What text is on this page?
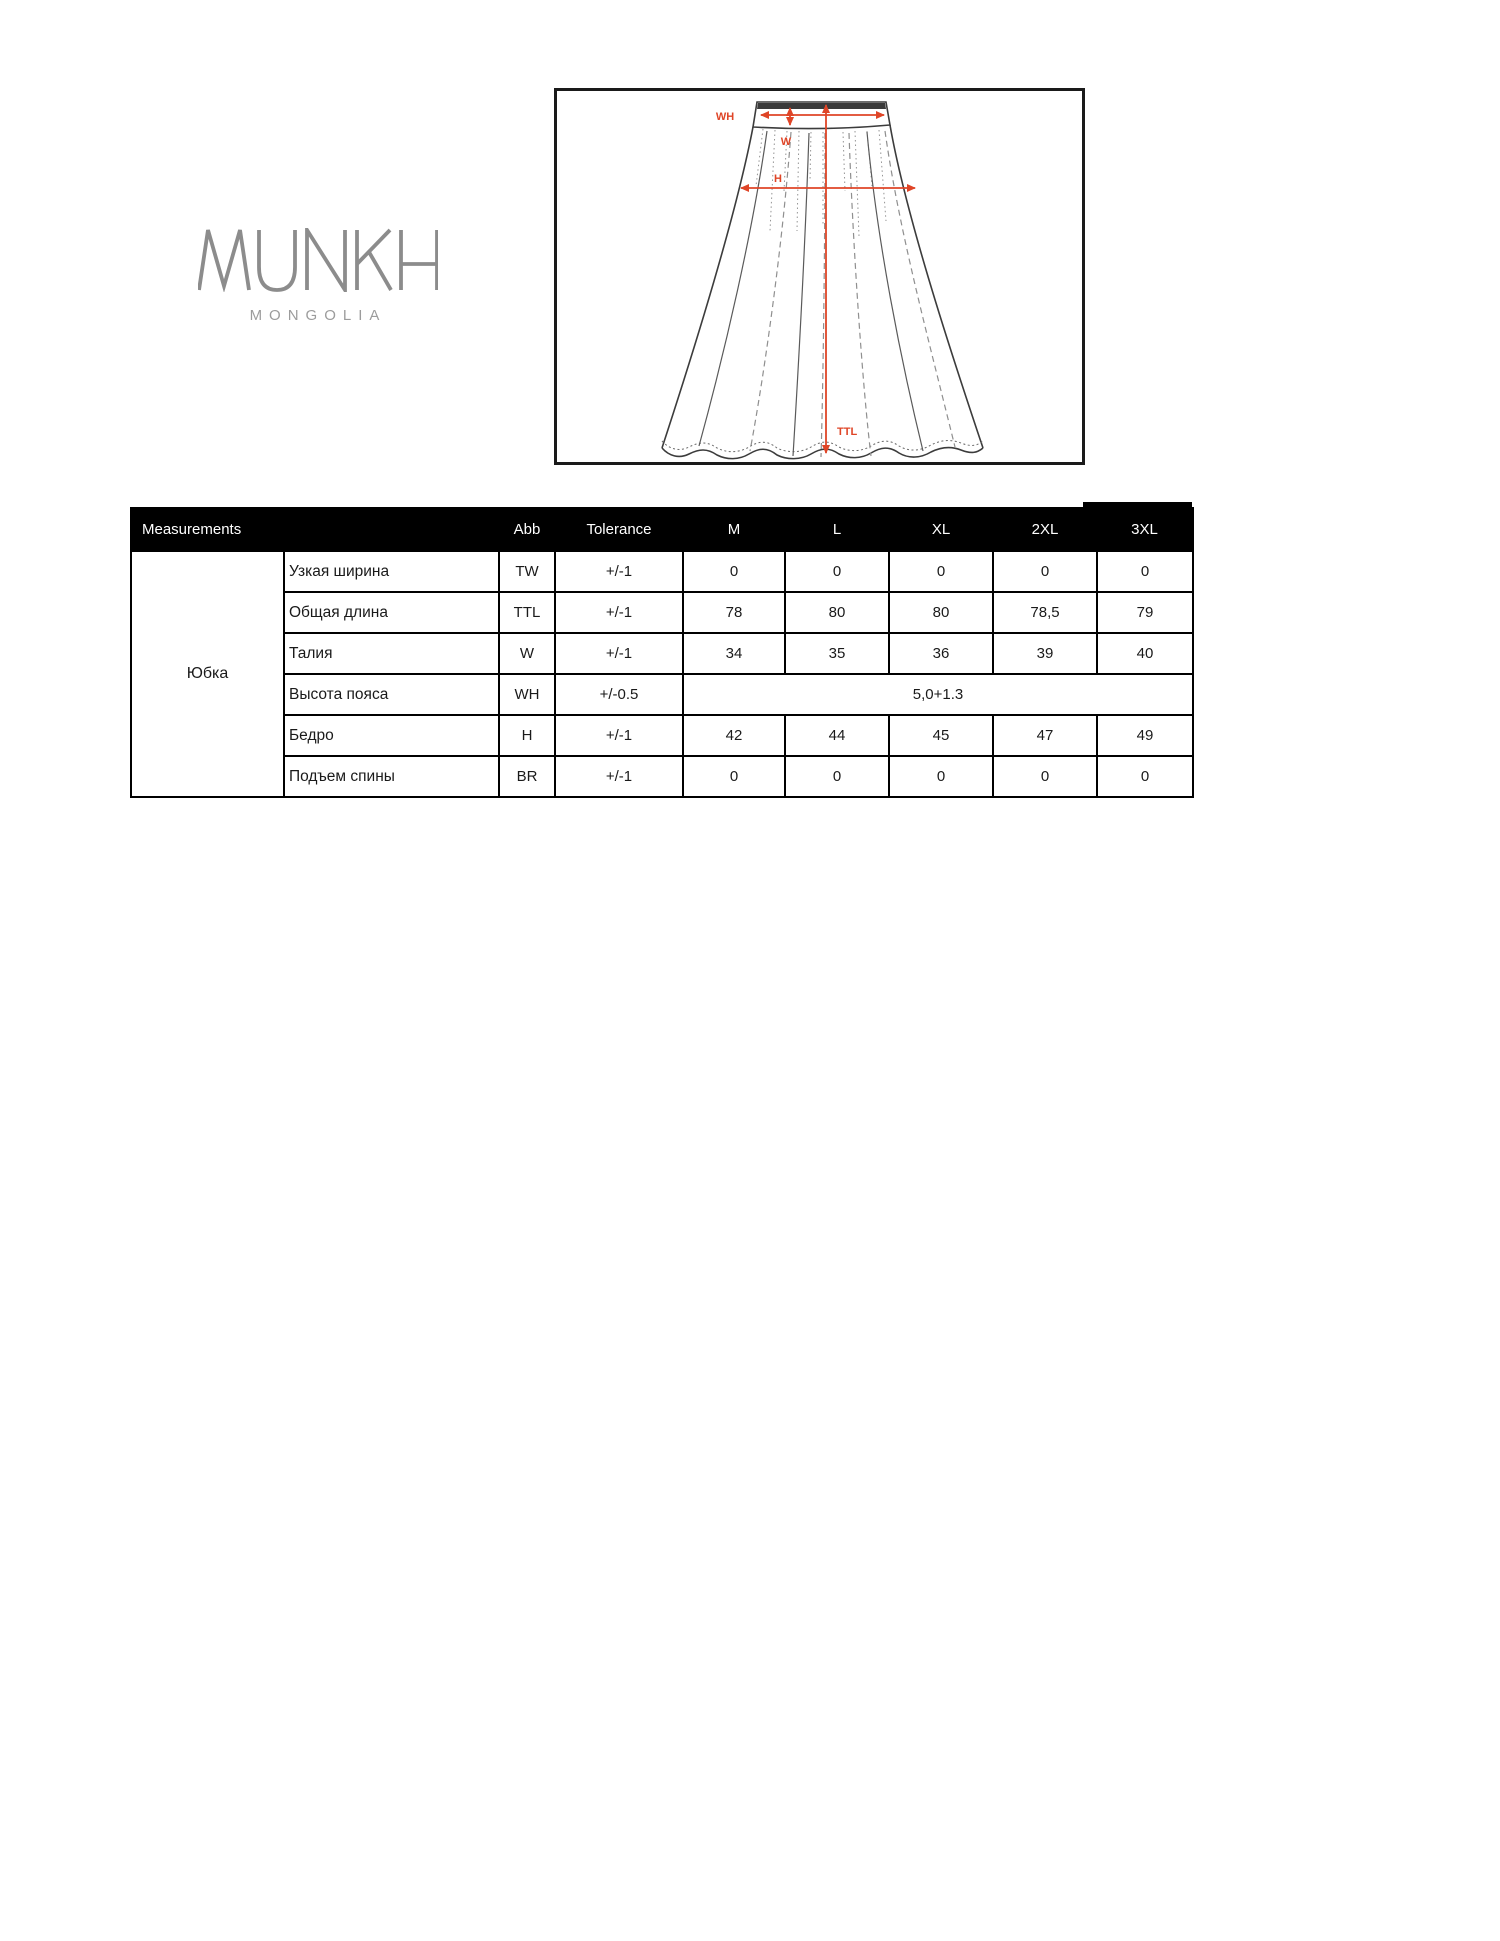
MONGOLIA
WH
W
H
TTL
Measurements		Abb	Tolerance	M	L	XL	2XL	3XL
Юбка	Узкая ширина	TW	+/-1	0	0	0	0	0
	Общая длина	TTL	+/-1	78	80	80	78,5	79
	Талия	W	+/-1	34	35	36	39	40
	Высота пояса	WH	+/-0.5	5,0+1.3				
	Бедро	H	+/-1	42	44	45	47	49
	Подъем спины	BR	+/-1	0	0	0	0	0
